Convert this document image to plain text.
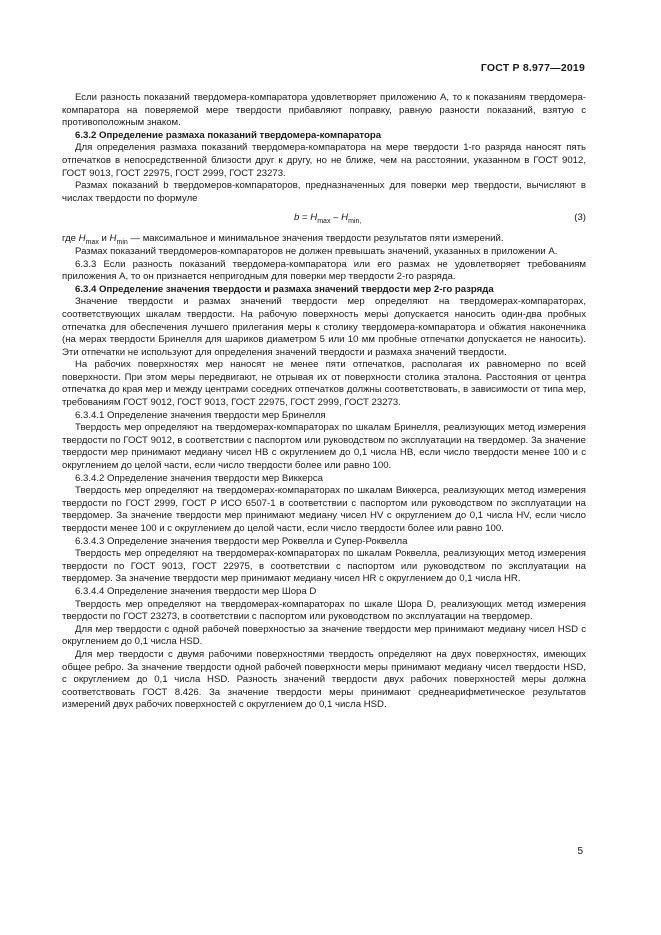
ГОСТ Р 8.977—2019

Если разность показаний твердомера-компаратора удовлетворяет приложению А, то к показаниям твердомера-компаратора на поверяемой мере твердости прибавляют поправку, равную разности показаний, взятую с противоположным знаком.

6.3.2 Определение размаха показаний твердомера-компаратора

Для определения размаха показаний твердомера-компаратора на мере твердости 1-го разряда наносят пять отпечатков в непосредственной близости друг к другу, но не ближе, чем на расстоянии, указанном в ГОСТ 9012, ГОСТ 9013, ГОСТ 22975, ГОСТ 2999, ГОСТ 23273.

Размах показаний b твердомеров-компараторов, предназначенных для поверки мер твердости, вычисляют в числах твердости по формуле

$b = H_{max} - H_{min,}$	(3)

где $H_{max}$ и $H_{min}$ — максимальное и минимальное значения твердости результатов пяти измерений.

Размах показаний твердомеров-компараторов не должен превышать значений, указанных в приложении А.

6.3.3 Если разность показаний твердомера-компаратора или его размах не удовлетворяет требованиям приложения А, то он признается непригодным для поверки мер твердости 2-го разряда.

6.3.4 Определение значения твердости и размаха значений твердости мер 2-го разряда

Значение твердости и размах значений твердости мер определяют на твердомерах-компараторах, соответствующих шкалам твердости. На рабочую поверхность меры допускается наносить один-два пробных отпечатка для обеспечения лучшего прилегания меры к столику твердомера-компаратора и обжатия наконечника (на мерах твердости Бринелля для шариков диаметром 5 или 10 мм пробные отпечатки допускается не наносить). Эти отпечатки не используют для определения значений твердости и размаха значений твердости.

На рабочих поверхностях мер наносят не менее пяти отпечатков, располагая их равномерно по всей поверхности. При этом меры передвигают, не отрывая их от поверхности столика эталона. Расстояния от центра отпечатка до края мер и между центрами соседних отпечатков должны соответствовать, в зависимости от типа мер, требованиям ГОСТ 9012, ГОСТ 9013, ГОСТ 22975, ГОСТ 2999, ГОСТ 23273.

6.3.4.1 Определение значения твердости мер Бринелля

Твердость мер определяют на твердомерах-компараторах по шкалам Бринелля, реализующих метод измерения твердости по ГОСТ 9012, в соответствии с паспортом или руководством по эксплуатации на твердомер. За значение твердости мер принимают медиану чисел НВ с округлением до 0,1 числа НВ, если число твердости менее 100 и с округлением до целой части, если число твердости более или равно 100.

6.3.4.2 Определение значения твердости мер Виккерса

Твердость мер определяют на твердомерах-компараторах по шкалам Виккерса, реализующих метод измерения твердости по ГОСТ 2999, ГОСТ Р ИСО 6507-1 в соответствии с паспортом или руководством по эксплуатации на твердомер. За значение твердости мер принимают медиану чисел HV с округлением до 0,1 числа HV, если число твердости менее 100 и с округлением до целой части, если число твердости более или равно 100.

6.3.4.3 Определение значения твердости мер Роквелла и Супер-Роквелла

Твердость мер определяют на твердомерах-компараторах по шкалам Роквелла, реализующих метод измерения твердости по ГОСТ 9013, ГОСТ 22975, в соответствии с паспортом или руководством по эксплуатации на твердомер. За значение твердости мер принимают медиану чисел HR с округлением до 0,1 числа HR.

6.3.4.4 Определение значения твердости мер Шора D

Твердость мер определяют на твердомерах-компараторах по шкале Шора D, реализующих метод измерения твердости по ГОСТ 23273, в соответствии с паспортом или руководством по эксплуатации на твердомер.

Для мер твердости с одной рабочей поверхностью за значение твердости мер принимают медиану чисел HSD с округлением до 0,1 числа HSD.

Для мер твердости с двумя рабочими поверхностями твердость определяют на двух поверхностях, имеющих общее ребро. За значение твердости одной рабочей поверхности меры принимают медиану чисел твердости HSD, с округлением до 0,1 числа HSD. Разность значений твердости двух рабочих поверхностей меры должна соответствовать ГОСТ 8.426. За значение твердости меры принимают среднеарифметическое результатов измерений двух рабочих поверхностей с округлением до 0,1 числа HSD.

5
